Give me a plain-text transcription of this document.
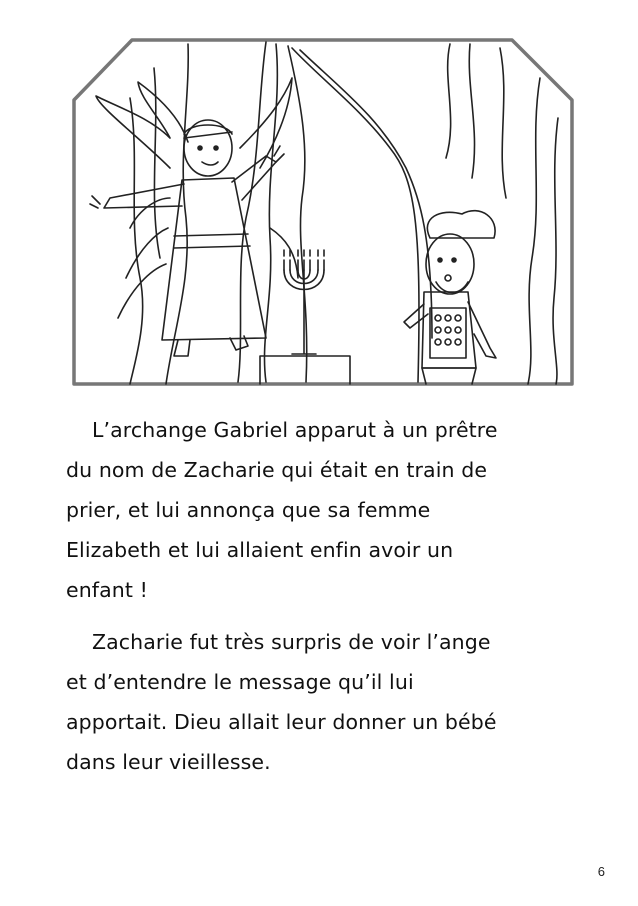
L’archange Gabriel apparut à un prêtre
du nom de Zacharie qui était en train de
prier, et lui annonça que sa femme
Elizabeth et lui allaient enfin avoir un
enfant !

Zacharie fut très surpris de voir l’ange
et d’entendre le message qu’il lui
apportait. Dieu allait leur donner un bébé
dans leur vieillesse.

6
